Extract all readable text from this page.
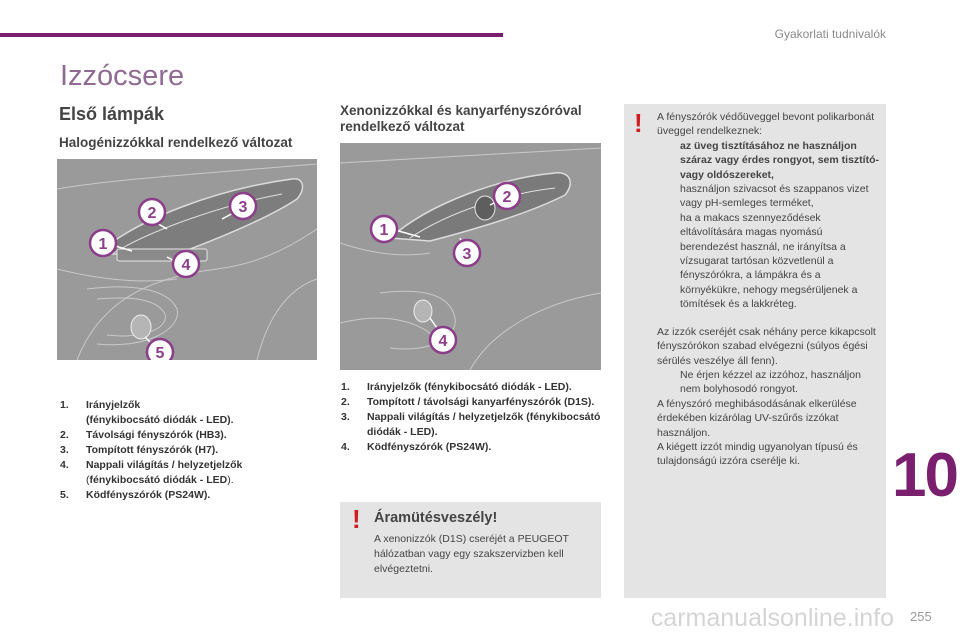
Gyakorlati tudnivalók
Izzócsere
Első lámpák
Halogénizzókkal rendelkező változat
Xenonizzókkal és kanyarfényszóróval rendelkező változat
1
2	3
4
5
1
2
3
4
1. Irányjelzők
(fénykibocsátó diódák - LED).
2. Távolsági fényszórók (HB3).
3. Tompított fényszórók (H7).
4. Nappali világítás / helyzetjelzők
(fénykibocsátó diódák - LED).
5. Ködfényszórók (PS24W).
1. Irányjelzők (fénykibocsátó diódák - LED).
2. Tompított / távolsági kanyarfényszórók (D1S).
3. Nappali világítás / helyzetjelzők (fénykibocsátó diódák - LED).
4. Ködfényszórók (PS24W).
! Áramütésveszély!
A xenonizzók (D1S) cseréjét a PEUGEOT hálózatban vagy egy szakszervizben kell elvégeztetni.
! A fényszórók védőüveggel bevont polikarbonát üveggel rendelkeznek:

az üveg tisztításához ne használjon száraz vagy érdes rongyot, sem tisztító- vagy oldószereket,
használjon szivacsot és szappanos vizet vagy pH-semleges terméket,
ha a makacs szennyeződések eltávolítására magas nyomású berendezést használ, ne irányítsa a vízsugarat tartósan közvetlenül a fényszórókra, a lámpákra és a környékükre, nehogy megsérüljenek a tömítések és a lakkréteg.

Az izzók cseréjét csak néhány perce kikapcsolt fényszórókon szabad elvégezni (súlyos égési sérülés veszélye áll fenn).

Ne érjen kézzel az izzóhoz, használjon nem bolyhosodó rongyot.

A fényszóró meghibásodásának elkerülése érdekében kizárólag UV-szűrős izzókat használjon.

A kiégett izzót mindig ugyanolyan típusú és tulajdonságú izzóra cserélje ki.	10
carmanualsonline.info 255
